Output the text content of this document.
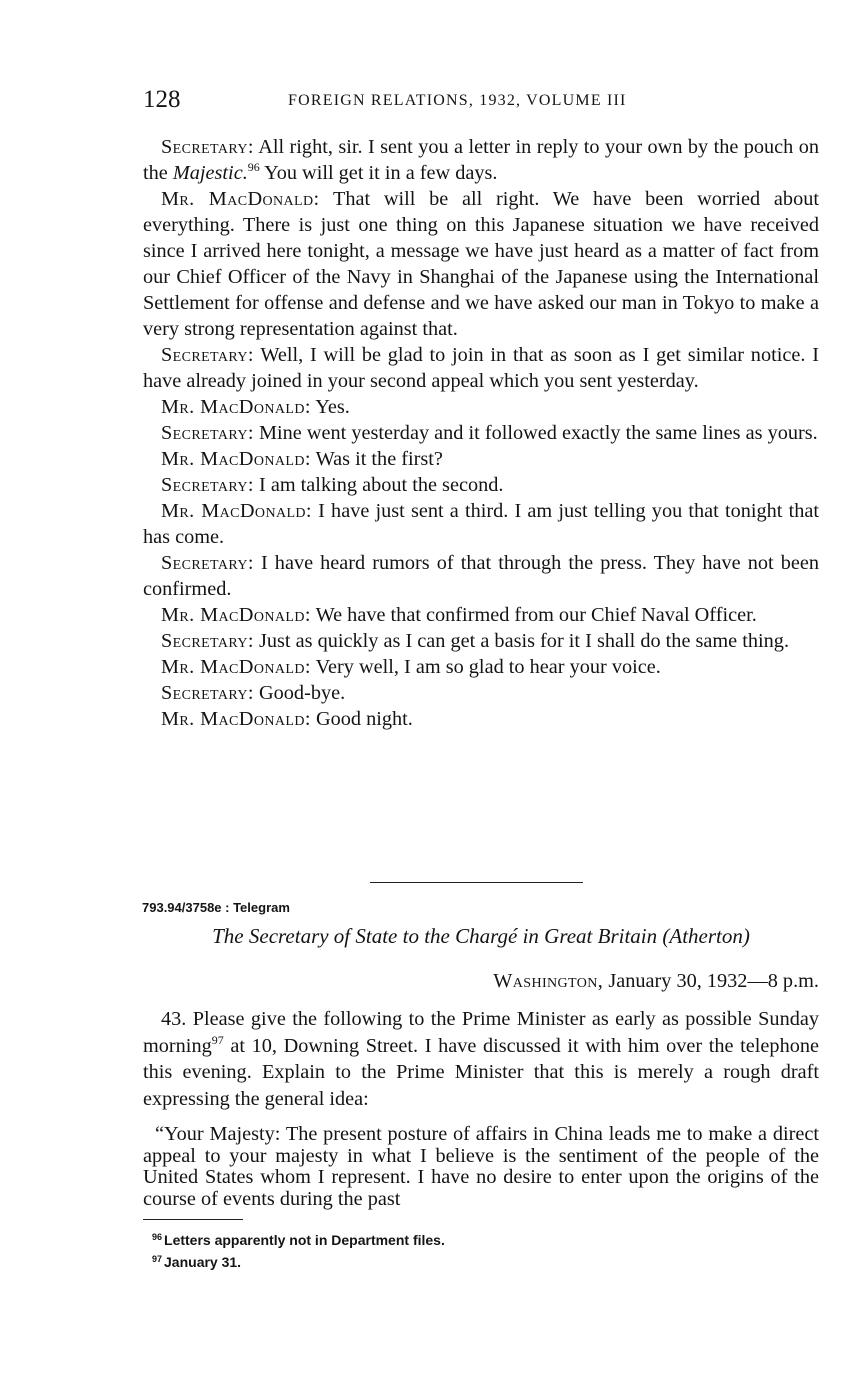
128	FOREIGN RELATIONS, 1932, VOLUME III

Secretary: All right, sir. I sent you a letter in reply to your own by the pouch on the Majestic.$^{96}$ You will get it in a few days.

Mr. MacDonald: That will be all right. We have been worried about everything. There is just one thing on this Japanese situation we have received since I arrived here tonight, a message we have just heard as a matter of fact from our Chief Officer of the Navy in Shanghai of the Japanese using the International Settlement for offense and defense and we have asked our man in Tokyo to make a very strong representation against that.

Secretary: Well, I will be glad to join in that as soon as I get similar notice. I have already joined in your second appeal which you sent yesterday.

Mr. MacDonald: Yes.

Secretary: Mine went yesterday and it followed exactly the same lines as yours.

Mr. MacDonald: Was it the first?

Secretary: I am talking about the second.

Mr. MacDonald: I have just sent a third. I am just telling you that tonight that has come.

Secretary: I have heard rumors of that through the press. They have not been confirmed.

Mr. MacDonald: We have that confirmed from our Chief Naval Officer.

Secretary: Just as quickly as I can get a basis for it I shall do the same thing.

Mr. MacDonald: Very well, I am so glad to hear your voice.

Secretary: Good-bye.

Mr. MacDonald: Good night.

793.94/3758e : Telegram
The Secretary of State to the Chargé in Great Britain (Atherton)
Washington, January 30, 1932—8 p.m.

43. Please give the following to the Prime Minister as early as possible Sunday morning$^{97}$ at 10, Downing Street. I have discussed it with him over the telephone this evening. Explain to the Prime Minister that this is merely a rough draft expressing the general idea:

“Your Majesty: The present posture of affairs in China leads me to make a direct appeal to your majesty in what I believe is the sentiment of the people of the United States whom I represent. I have no desire to enter upon the origins of the course of events during the past

$^{96}$ Letters apparently not in Department files.
$^{97}$ January 31.
